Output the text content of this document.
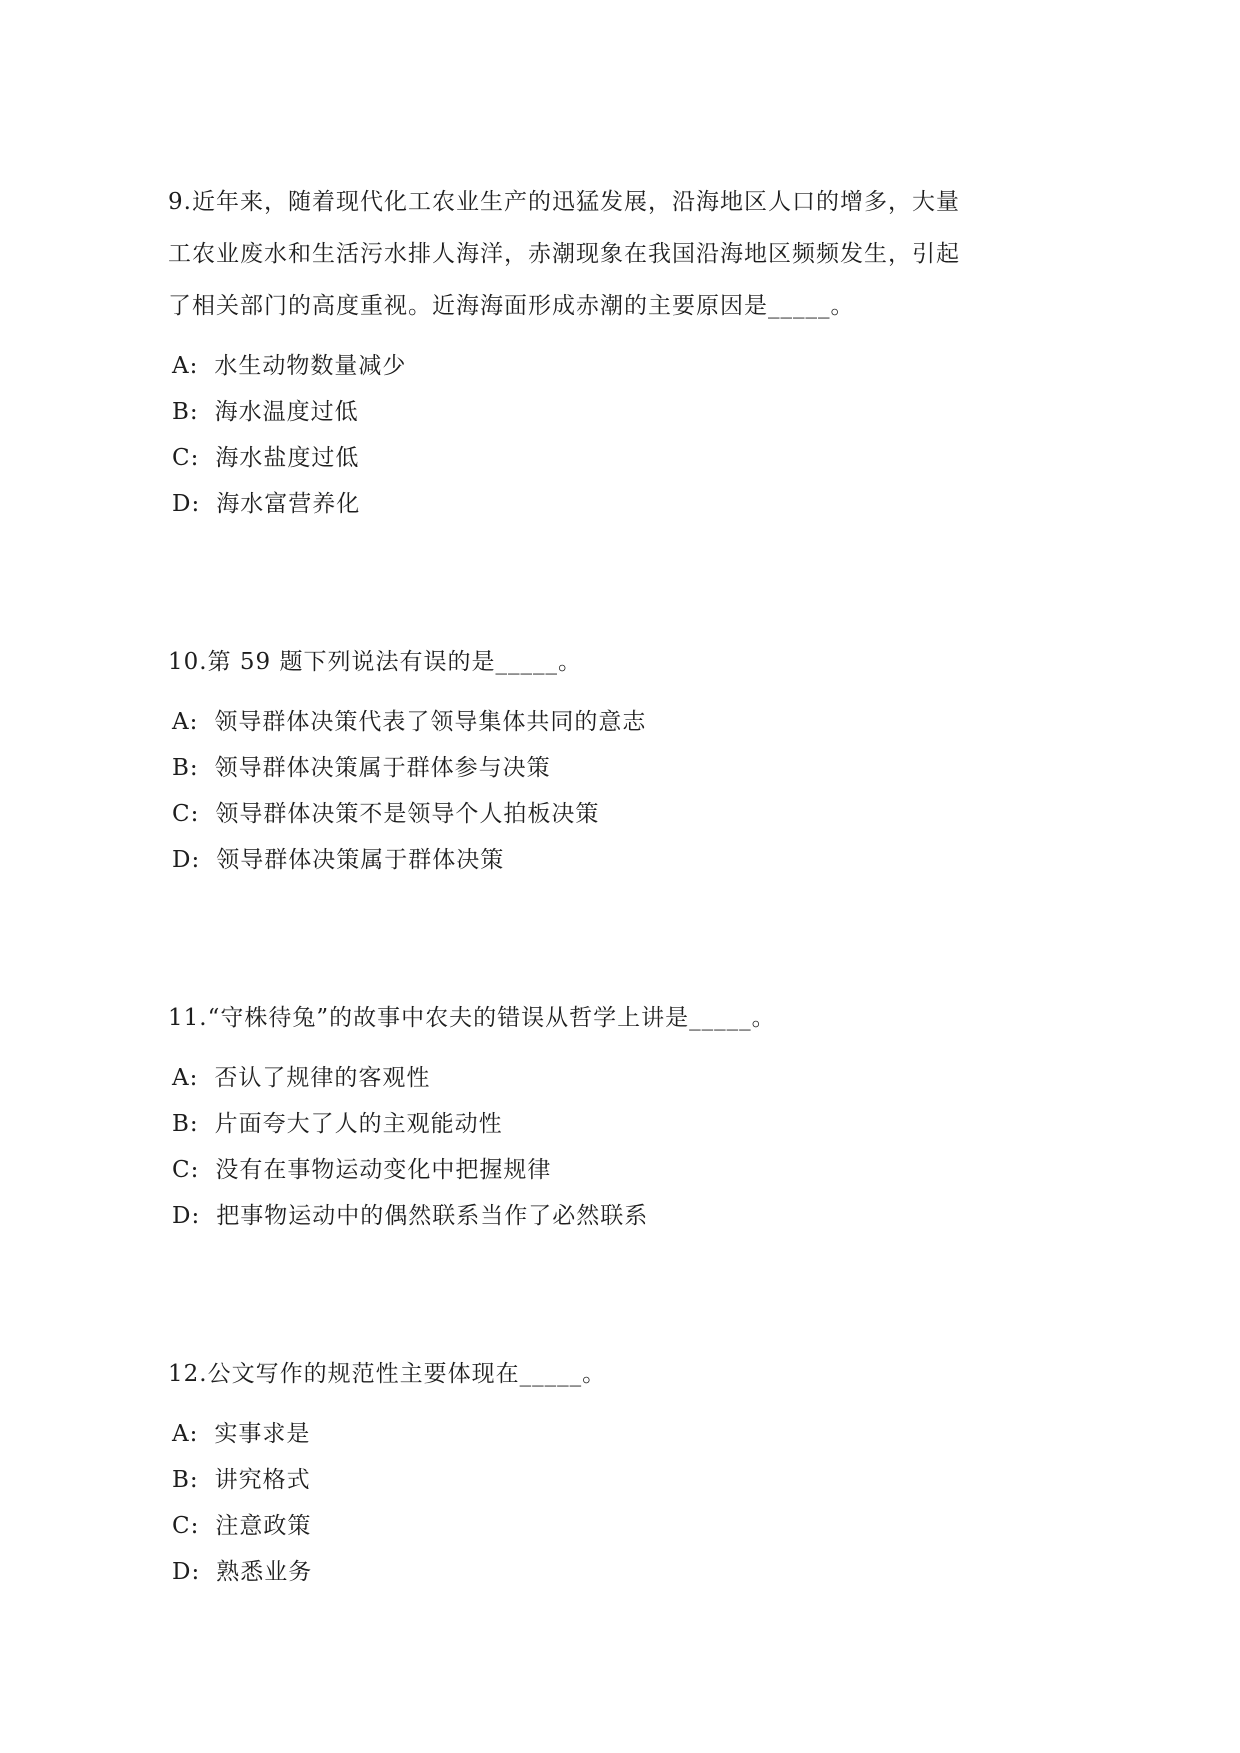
9.近年来，随着现代化工农业生产的迅猛发展，沿海地区人口的增多，大量工农业废水和生活污水排人海洋，赤潮现象在我国沿海地区频频发生，引起了相关部门的高度重视。近海海面形成赤潮的主要原因是_____。
A: 水生动物数量减少
B: 海水温度过低
C: 海水盐度过低
D: 海水富营养化
10.第 59 题下列说法有误的是_____。
A: 领导群体决策代表了领导集体共同的意志
B: 领导群体决策属于群体参与决策
C: 领导群体决策不是领导个人拍板决策
D: 领导群体决策属于群体决策
11.“守株待兔”的故事中农夫的错误从哲学上讲是_____。
A: 否认了规律的客观性
B: 片面夸大了人的主观能动性
C: 没有在事物运动变化中把握规律
D: 把事物运动中的偶然联系当作了必然联系
12.公文写作的规范性主要体现在_____。
A: 实事求是
B: 讲究格式
C: 注意政策
D: 熟悉业务
